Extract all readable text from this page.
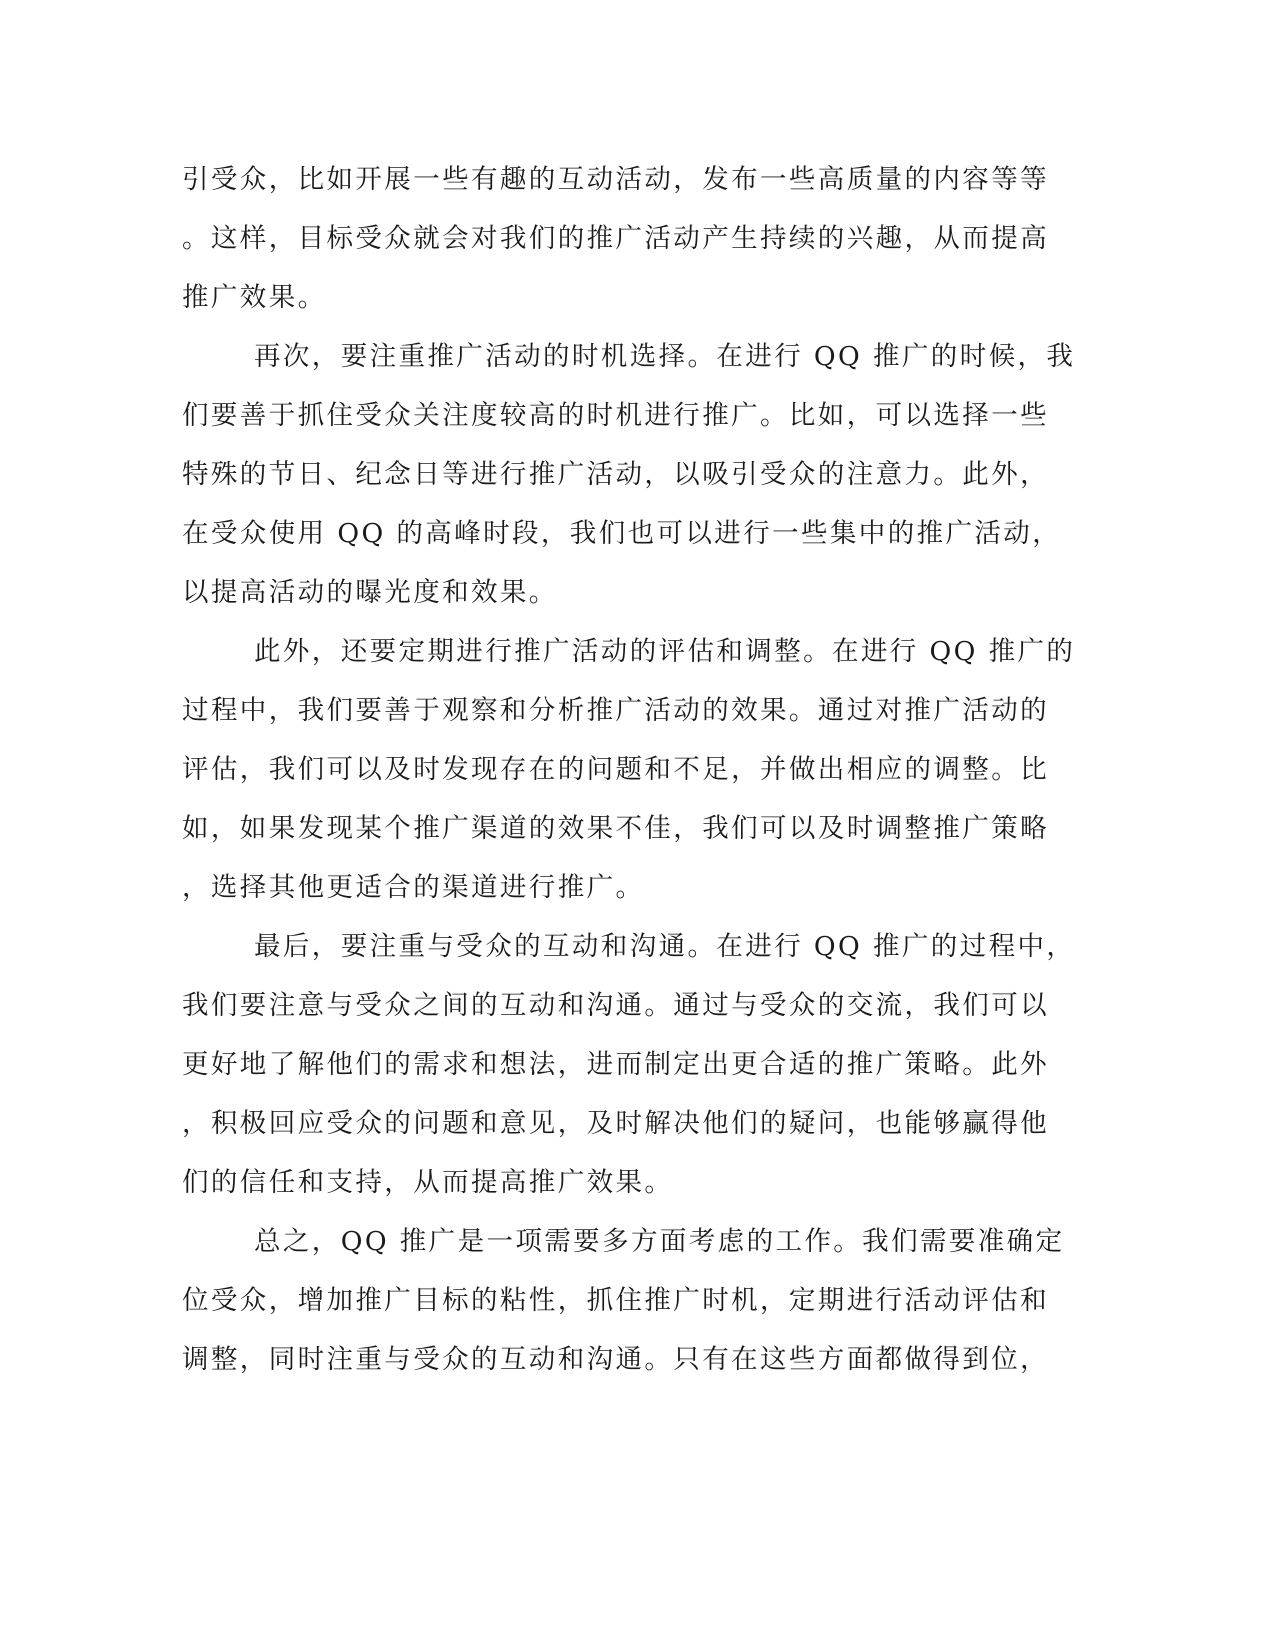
引受众，比如开展一些有趣的互动活动，发布一些高质量的内容等等
。这样，目标受众就会对我们的推广活动产生持续的兴趣，从而提高
推广效果。
再次，要注重推广活动的时机选择。在进行 QQ 推广的时候，我
们要善于抓住受众关注度较高的时机进行推广。比如，可以选择一些
特殊的节日、纪念日等进行推广活动，以吸引受众的注意力。此外，
在受众使用 QQ 的高峰时段，我们也可以进行一些集中的推广活动，
以提高活动的曝光度和效果。
此外，还要定期进行推广活动的评估和调整。在进行 QQ 推广的
过程中，我们要善于观察和分析推广活动的效果。通过对推广活动的
评估，我们可以及时发现存在的问题和不足，并做出相应的调整。比
如，如果发现某个推广渠道的效果不佳，我们可以及时调整推广策略
，选择其他更适合的渠道进行推广。
最后，要注重与受众的互动和沟通。在进行 QQ 推广的过程中，
我们要注意与受众之间的互动和沟通。通过与受众的交流，我们可以
更好地了解他们的需求和想法，进而制定出更合适的推广策略。此外
，积极回应受众的问题和意见，及时解决他们的疑问，也能够赢得他
们的信任和支持，从而提高推广效果。
总之，QQ 推广是一项需要多方面考虑的工作。我们需要准确定
位受众，增加推广目标的粘性，抓住推广时机，定期进行活动评估和
调整，同时注重与受众的互动和沟通。只有在这些方面都做得到位，
